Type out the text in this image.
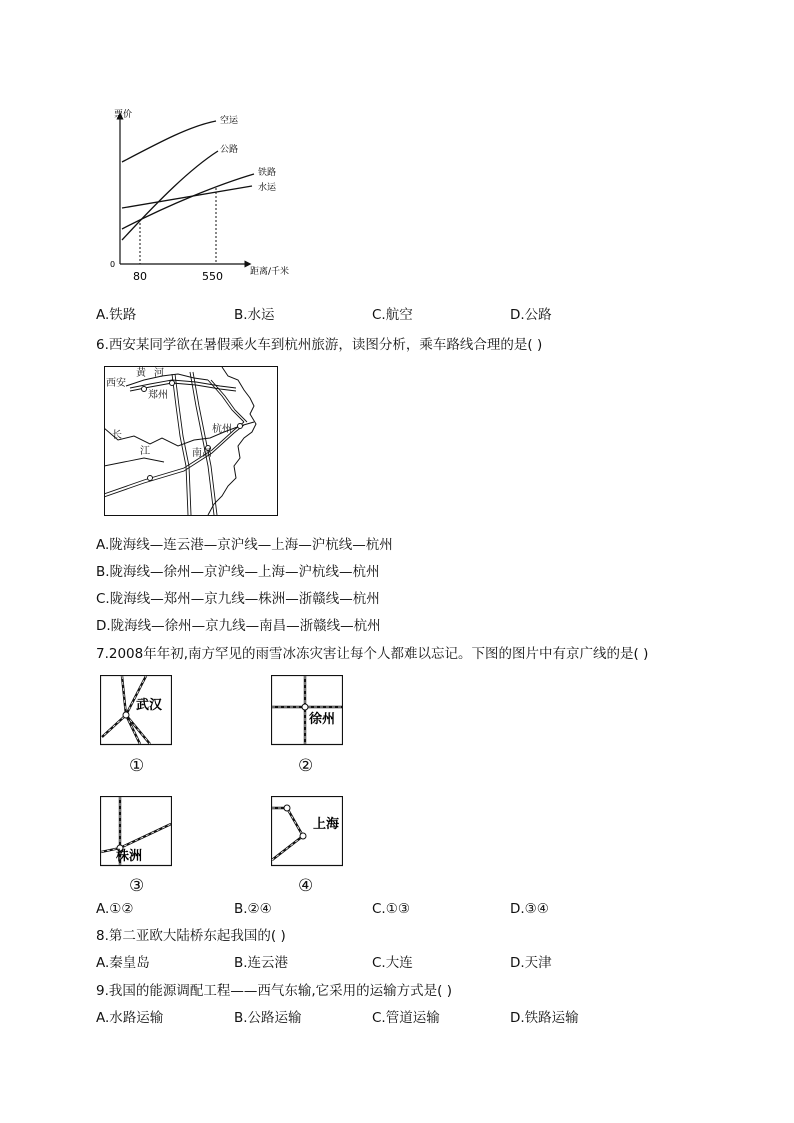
票价
0
距离/千米
80	550
空运
公路
铁路
水运
A.铁路	B.水运	C.航空	D.公路
6.西安某同学欲在暑假乘火车到杭州旅游，读图分析，乘车路线合理的是( )
西安
黄 河
郑州
长
江
杭州
南昌
A.陇海线—连云港—京沪线—上海—沪杭线—杭州
B.陇海线—徐州—京沪线—上海—沪杭线—杭州
C.陇海线—郑州—京九线—株洲—浙赣线—杭州
D.陇海线—徐州—京九线—南昌—浙赣线—杭州
7.2008年年初,南方罕见的雨雪冰冻灾害让每个人都难以忘记。下图的图片中有京广线的是( )
武汉
①
徐州
②
株洲
③
上海
④
A.①②	B.②④	C.①③	D.③④
8.第二亚欧大陆桥东起我国的( )
A.秦皇岛	B.连云港	C.大连	D.天津
9.我国的能源调配工程——西气东输,它采用的运输方式是( )
A.水路运输	B.公路运输	C.管道运输	D.铁路运输
